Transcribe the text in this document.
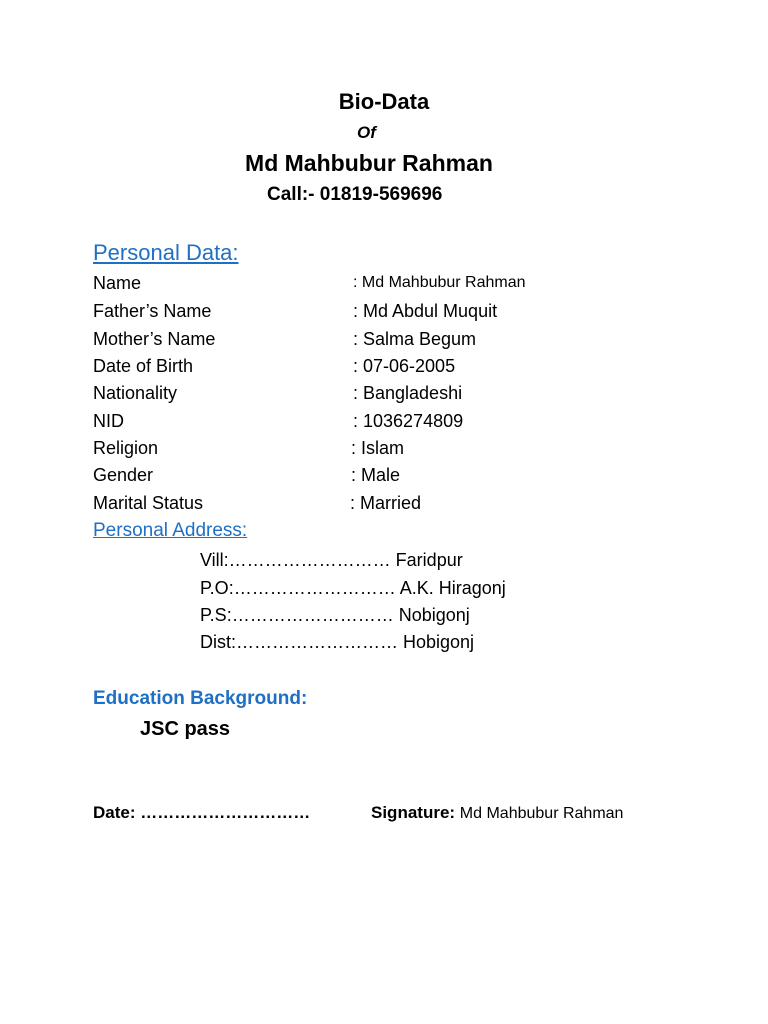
Bio-Data
Of
Md Mahbubur Rahman
Call:- 01819-569696
Personal Data:
Name	: Md Mahbubur Rahman
Father’s Name	: Md Abdul Muquit
Mother’s Name	: Salma Begum
Date of Birth	: 07-06-2005
Nationality	: Bangladeshi
NID	: 1036274809
Religion	: Islam
Gender	: Male
Marital Status	: Married
Personal Address:
Vill:……………………… Faridpur
P.O:……………………… A.K. Hiragonj
P.S:……………………… Nobigonj
Dist:……………………… Hobigonj
Education Background:
JSC pass
Date: …………………………	Signature: Md Mahbubur Rahman
